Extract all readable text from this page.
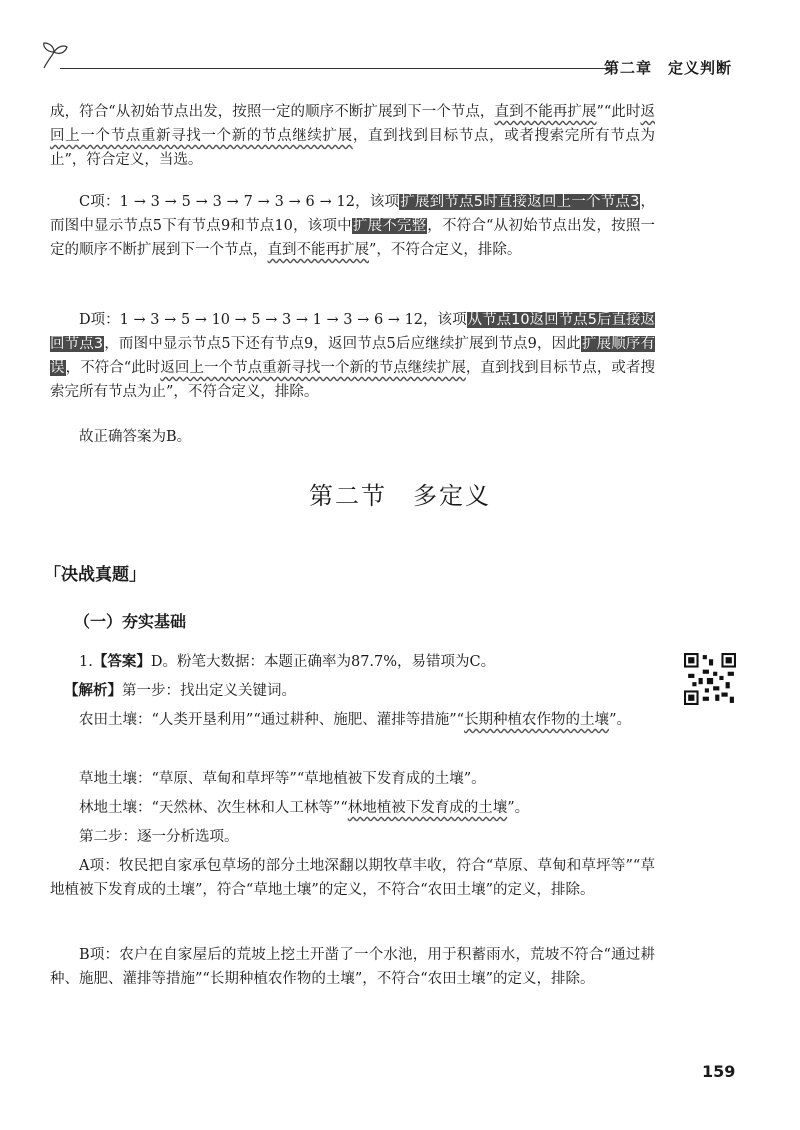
第二章　定义判断

成，符合“从初始节点出发，按照一定的顺序不断扩展到下一个节点，直到不能再扩展”“此时返回上一个节点重新寻找一个新的节点继续扩展，直到找到目标节点，或者搜索完所有节点为止”，符合定义，当选。

C项：1 → 3 → 5 → 3 → 7 → 3 → 6 → 12，该项扩展到节点5时直接返回上一个节点3，而图中显示节点5下有节点9和节点10，该项中扩展不完整，不符合“从初始节点出发，按照一定的顺序不断扩展到下一个节点，直到不能再扩展”，不符合定义，排除。

D项：1 → 3 → 5 → 10 → 5 → 3 → 1 → 3 → 6 → 12，该项从节点10返回节点5后直接返回节点3，而图中显示节点5下还有节点9，返回节点5后应继续扩展到节点9，因此扩展顺序有误，不符合“此时返回上一个节点重新寻找一个新的节点继续扩展，直到找到目标节点，或者搜索完所有节点为止”，不符合定义，排除。

故正确答案为B。

第二节　多定义
「决战真题」
（一）夯实基础

1.【答案】D。粉笔大数据：本题正确率为87.7%，易错项为C。

【解析】第一步：找出定义关键词。

农田土壤：“人类开垦利用”“通过耕种、施肥、灌排等措施”“长期种植农作物的土壤”。

草地土壤：“草原、草甸和草坪等”“草地植被下发育成的土壤”。

林地土壤：“天然林、次生林和人工林等”“林地植被下发育成的土壤”。

第二步：逐一分析选项。

A项：牧民把自家承包草场的部分土地深翻以期牧草丰收，符合“草原、草甸和草坪等”“草地植被下发育成的土壤”，符合“草地土壤”的定义，不符合“农田土壤”的定义，排除。

B项：农户在自家屋后的荒坡上挖土开凿了一个水池，用于积蓄雨水，荒坡不符合“通过耕种、施肥、灌排等措施”“长期种植农作物的土壤”，不符合“农田土壤”的定义，排除。

159
